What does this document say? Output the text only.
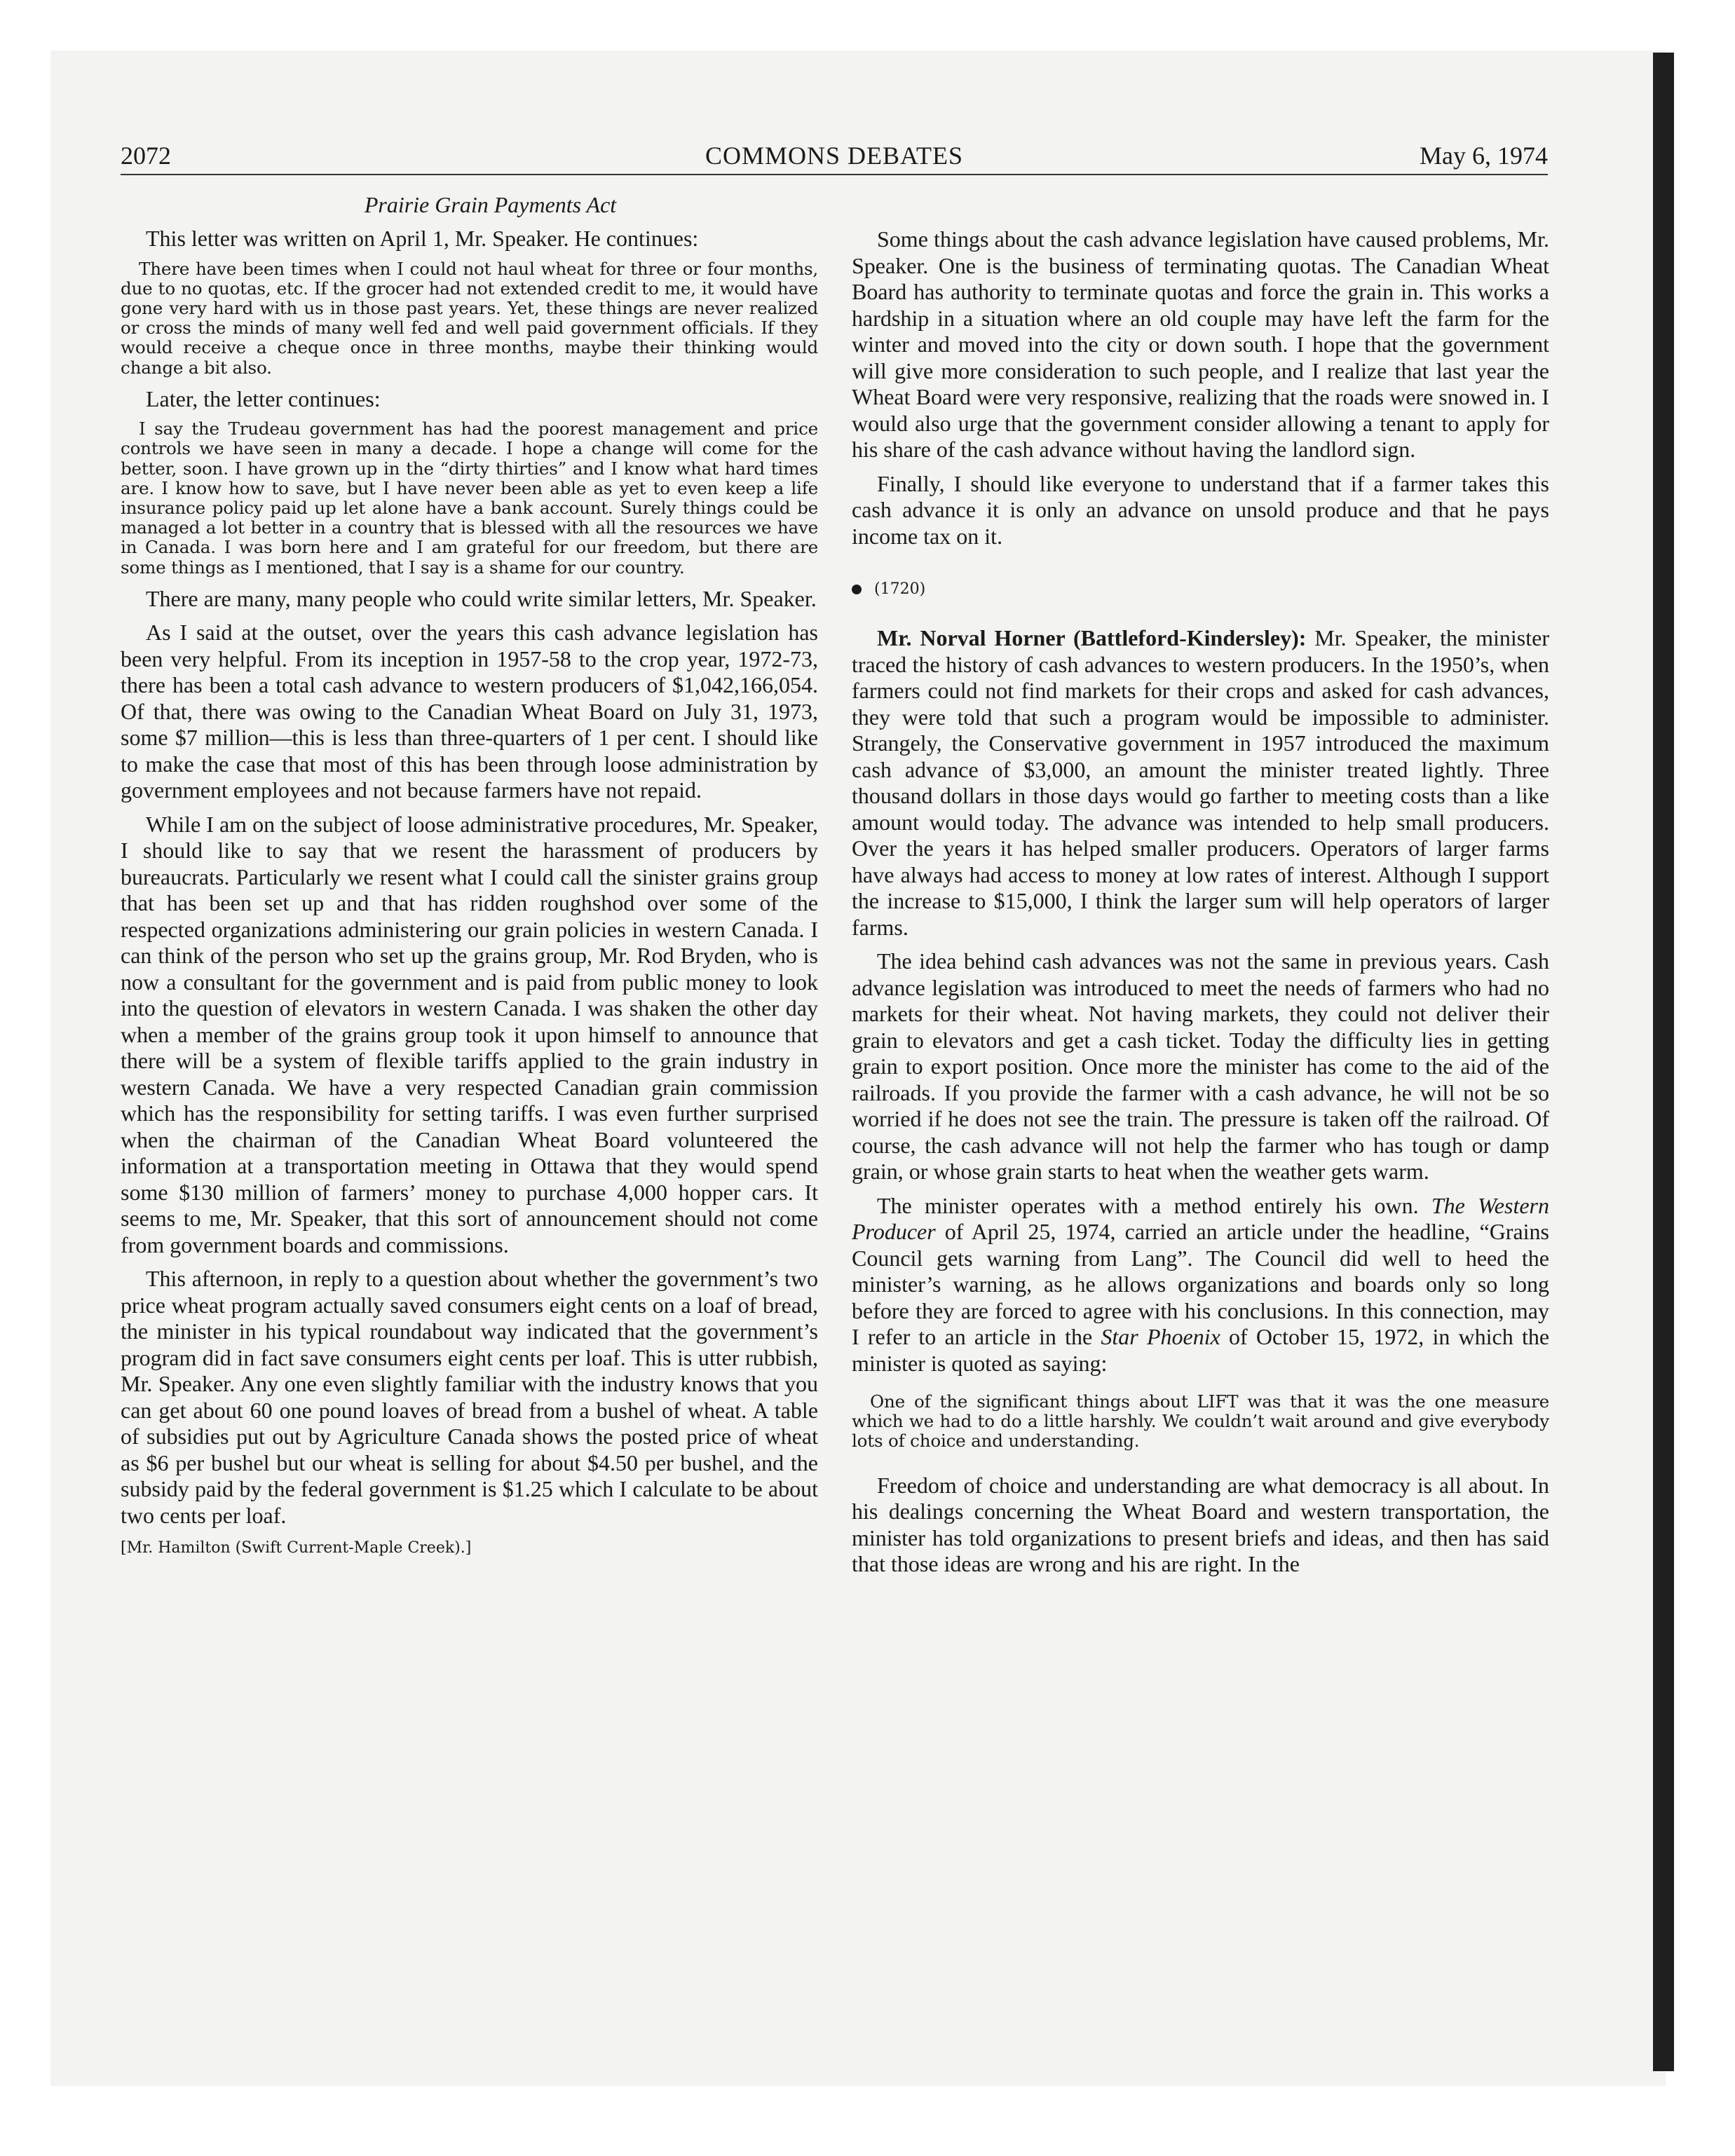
2072	COMMONS DEBATES	May 6, 1974

Prairie Grain Payments Act

This letter was written on April 1, Mr. Speaker. He continues:

There have been times when I could not haul wheat for three or four months, due to no quotas, etc. If the grocer had not extended credit to me, it would have gone very hard with us in those past years. Yet, these things are never realized or cross the minds of many well fed and well paid government officials. If they would receive a cheque once in three months, maybe their thinking would change a bit also.

Later, the letter continues:

I say the Trudeau government has had the poorest management and price controls we have seen in many a decade. I hope a change will come for the better, soon. I have grown up in the “dirty thirties” and I know what hard times are. I know how to save, but I have never been able as yet to even keep a life insurance policy paid up let alone have a bank account. Surely things could be managed a lot better in a country that is blessed with all the resources we have in Canada. I was born here and I am grateful for our freedom, but there are some things as I mentioned, that I say is a shame for our country.

There are many, many people who could write similar letters, Mr. Speaker.

As I said at the outset, over the years this cash advance legislation has been very helpful. From its inception in 1957-58 to the crop year, 1972-73, there has been a total cash advance to western producers of $1,042,166,054. Of that, there was owing to the Canadian Wheat Board on July 31, 1973, some $7 million—this is less than three-quarters of 1 per cent. I should like to make the case that most of this has been through loose administration by government employees and not because farmers have not repaid.

While I am on the subject of loose administrative procedures, Mr. Speaker, I should like to say that we resent the harassment of producers by bureaucrats. Particularly we resent what I could call the sinister grains group that has been set up and that has ridden roughshod over some of the respected organizations administering our grain policies in western Canada. I can think of the person who set up the grains group, Mr. Rod Bryden, who is now a consultant for the government and is paid from public money to look into the question of elevators in western Canada. I was shaken the other day when a member of the grains group took it upon himself to announce that there will be a system of flexible tariffs applied to the grain industry in western Canada. We have a very respected Canadian grain commission which has the responsibility for setting tariffs. I was even further surprised when the chairman of the Canadian Wheat Board volunteered the information at a transportation meeting in Ottawa that they would spend some $130 million of farmers’ money to purchase 4,000 hopper cars. It seems to me, Mr. Speaker, that this sort of announcement should not come from government boards and commissions.

This afternoon, in reply to a question about whether the government’s two price wheat program actually saved consumers eight cents on a loaf of bread, the minister in his typical roundabout way indicated that the government’s program did in fact save consumers eight cents per loaf. This is utter rubbish, Mr. Speaker. Any one even slightly familiar with the industry knows that you can get about 60 one pound loaves of bread from a bushel of wheat. A table of subsidies put out by Agriculture Canada shows the posted price of wheat as $6 per bushel but our wheat is selling for about $4.50 per bushel, and the subsidy paid by the federal government is $1.25 which I calculate to be about two cents per loaf.

[Mr. Hamilton (Swift Current-Maple Creek).]

Some things about the cash advance legislation have caused problems, Mr. Speaker. One is the business of terminating quotas. The Canadian Wheat Board has authority to terminate quotas and force the grain in. This works a hardship in a situation where an old couple may have left the farm for the winter and moved into the city or down south. I hope that the government will give more consideration to such people, and I realize that last year the Wheat Board were very responsive, realizing that the roads were snowed in. I would also urge that the government consider allowing a tenant to apply for his share of the cash advance without having the landlord sign.

Finally, I should like everyone to understand that if a farmer takes this cash advance it is only an advance on unsold produce and that he pays income tax on it.

(1720)

Mr. Norval Horner (Battleford-Kindersley): Mr. Speaker, the minister traced the history of cash advances to western producers. In the 1950’s, when farmers could not find markets for their crops and asked for cash advances, they were told that such a program would be impossible to administer. Strangely, the Conservative government in 1957 introduced the maximum cash advance of $3,000, an amount the minister treated lightly. Three thousand dollars in those days would go farther to meeting costs than a like amount would today. The advance was intended to help small producers. Over the years it has helped smaller producers. Operators of larger farms have always had access to money at low rates of interest. Although I support the increase to $15,000, I think the larger sum will help operators of larger farms.

The idea behind cash advances was not the same in previous years. Cash advance legislation was introduced to meet the needs of farmers who had no markets for their wheat. Not having markets, they could not deliver their grain to elevators and get a cash ticket. Today the difficulty lies in getting grain to export position. Once more the minister has come to the aid of the railroads. If you provide the farmer with a cash advance, he will not be so worried if he does not see the train. The pressure is taken off the railroad. Of course, the cash advance will not help the farmer who has tough or damp grain, or whose grain starts to heat when the weather gets warm.

The minister operates with a method entirely his own. The Western Producer of April 25, 1974, carried an article under the headline, “Grains Council gets warning from Lang”. The Council did well to heed the minister’s warning, as he allows organizations and boards only so long before they are forced to agree with his conclusions. In this connection, may I refer to an article in the Star Phoenix of October 15, 1972, in which the minister is quoted as saying:

One of the significant things about LIFT was that it was the one measure which we had to do a little harshly. We couldn’t wait around and give everybody lots of choice and understanding.

Freedom of choice and understanding are what democracy is all about. In his dealings concerning the Wheat Board and western transportation, the minister has told organizations to present briefs and ideas, and then has said that those ideas are wrong and his are right. In the
